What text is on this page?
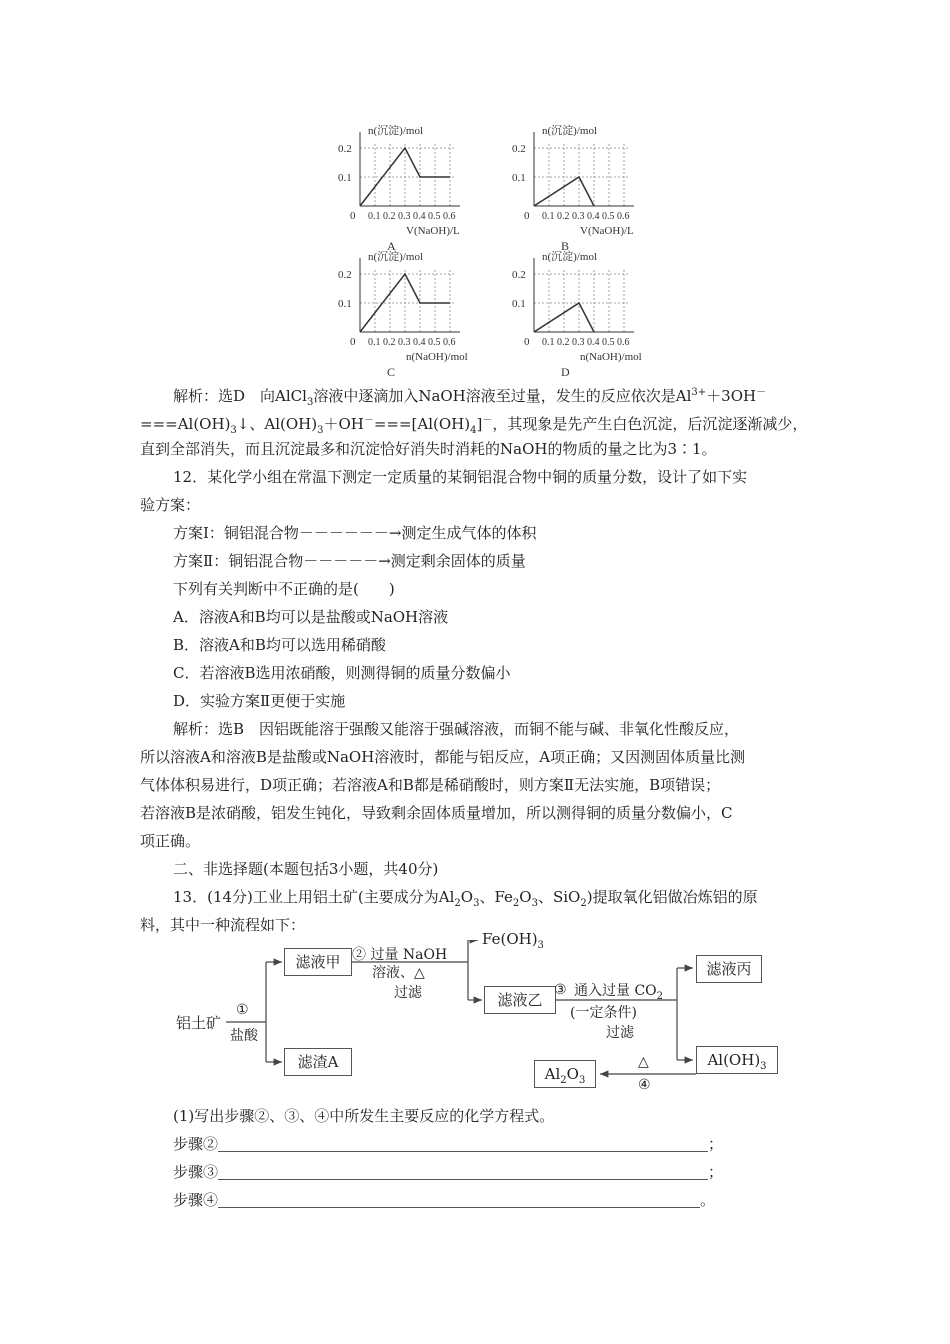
n(沉淀)/mol
0.2
0.1
0 0.1 0.2 0.3 0.4 0.5 0.6
V(NaOH)/L
A
n(沉淀)/mol
0.2
0.1
0 0.1 0.2 0.3 0.4 0.5 0.6
V(NaOH)/L
B
n(沉淀)/mol
0.2
0.1
0 0.1 0.2 0.3 0.4 0.5 0.6
n(NaOH)/mol
C
n(沉淀)/mol
0.2
0.1
0 0.1 0.2 0.3 0.4 0.5 0.6
n(NaOH)/mol
D
解析：选D　向AlCl$_3$溶液中逐滴加入NaOH溶液至过量，发生的反应依次是$Al^{3+}+3OH^-$
$===Al(OH)_3↓$、$Al(OH)_3+OH^-===[Al(OH)_4]^-$，其现象是先产生白色沉淀，后沉淀逐渐减少，
直到全部消失，而且沉淀最多和沉淀恰好消失时消耗的NaOH的物质的量之比为3∶1。
12．某化学小组在常温下测定一定质量的某铜铝混合物中铜的质量分数，设计了如下实
验方案：
方案Ⅰ：铜铝混合物－－－－－－→测定生成气体的体积
方案Ⅱ：铜铝混合物－－－－－→测定剩余固体的质量
下列有关判断中不正确的是(　　)
A．溶液A和B均可以是盐酸或NaOH溶液
B．溶液A和B均可以选用稀硝酸
C．若溶液B选用浓硝酸，则测得铜的质量分数偏小
D．实验方案Ⅱ更便于实施
解析：选B　因铝既能溶于强酸又能溶于强碱溶液，而铜不能与碱、非氧化性酸反应，
所以溶液A和溶液B是盐酸或NaOH溶液时，都能与铝反应，A项正确；又因测固体质量比测
气体体积易进行，D项正确；若溶液A和B都是稀硝酸时，则方案Ⅱ无法实施，B项错误；
若溶液B是浓硝酸，铝发生钝化，导致剩余固体质量增加，所以测得铜的质量分数偏小，C
项正确。
二、非选择题(本题包括3小题，共40分)
13．(14分)工业上用铝土矿(主要成分为$Al_2O_3$、$Fe_2O_3$、SiO$_2$)提取氧化铝做冶炼铝的原
料，其中一种流程如下：
铝土矿
①
盐酸
滤液甲
滤渣A
② 过量 NaOH
溶液、△
过滤
$Fe(OH)_3$
滤液乙
③ 通入过量 $CO_2$
(一定条件)
过滤
滤液丙
$Al(OH)_3$
$Al_2O_3$
△
④
(1)写出步骤②、③、④中所发生主要反应的化学方程式。
步骤②	；
步骤③	；
步骤④	。
